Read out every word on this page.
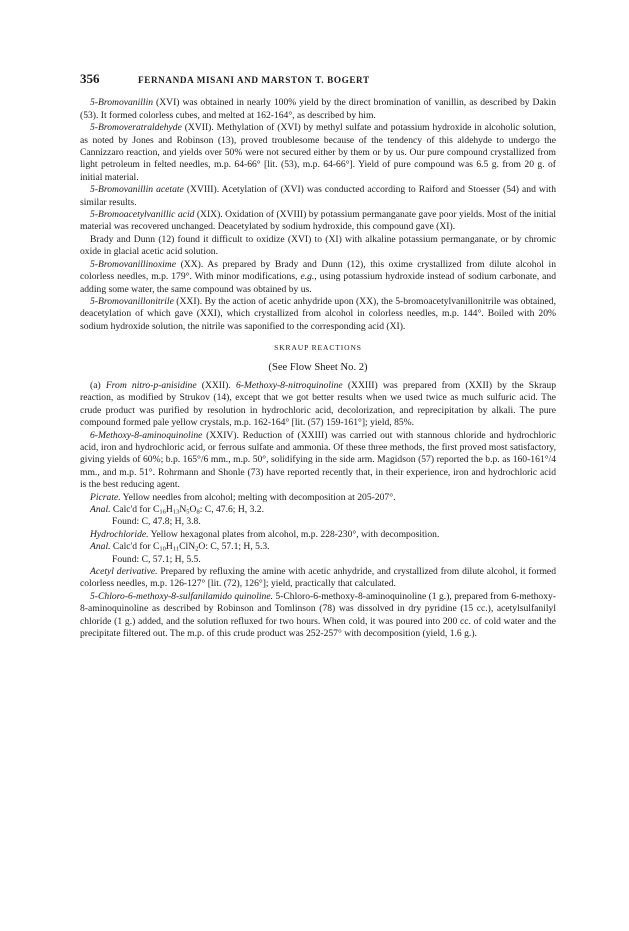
356	FERNANDA MISANI AND MARSTON T. BOGERT

5-Bromovanillin (XVI) was obtained in nearly 100% yield by the direct bromination of vanillin, as described by Dakin (53). It formed colorless cubes, and melted at 162-164°, as described by him.

5-Bromoveratraldehyde (XVII). Methylation of (XVI) by methyl sulfate and potassium hydroxide in alcoholic solution, as noted by Jones and Robinson (13), proved troublesome because of the tendency of this aldehyde to undergo the Cannizzaro reaction, and yields over 50% were not secured either by them or by us. Our pure compound crystallized from light petroleum in felted needles, m.p. 64-66° [lit. (53), m.p. 64-66°]. Yield of pure compound was 6.5 g. from 20 g. of initial material.

5-Bromovanillin acetate (XVIII). Acetylation of (XVI) was conducted according to Raiford and Stoesser (54) and with similar results.

5-Bromoacetylvanillic acid (XIX). Oxidation of (XVIII) by potassium permanganate gave poor yields. Most of the initial material was recovered unchanged. Deacetylated by sodium hydroxide, this compound gave (XI).

Brady and Dunn (12) found it difficult to oxidize (XVI) to (XI) with alkaline potassium permanganate, or by chromic oxide in glacial acetic acid solution.

5-Bromovanillinoxime (XX). As prepared by Brady and Dunn (12), this oxime crystallized from dilute alcohol in colorless needles, m.p. 179°. With minor modifications, e.g., using potassium hydroxide instead of sodium carbonate, and adding some water, the same compound was obtained by us.

5-Bromovanillonitrile (XXI). By the action of acetic anhydride upon (XX), the 5-bromoacetylvanillonitrile was obtained, deacetylation of which gave (XXI), which crystallized from alcohol in colorless needles, m.p. 144°. Boiled with 20% sodium hydroxide solution, the nitrile was saponified to the corresponding acid (XI).

SKRAUP REACTIONS

(See Flow Sheet No. 2)

(a) From nitro-p-anisidine (XXII). 6-Methoxy-8-nitroquinoline (XXIII) was prepared from (XXII) by the Skraup reaction, as modified by Strukov (14), except that we got better results when we used twice as much sulfuric acid. The crude product was purified by resolution in hydrochloric acid, decolorization, and reprecipitation by alkali. The pure compound formed pale yellow crystals, m.p. 162-164° [lit. (57) 159-161°]; yield, 85%.

6-Methoxy-8-aminoquinoline (XXIV). Reduction of (XXIII) was carried out with stannous chloride and hydrochloric acid, iron and hydrochloric acid, or ferrous sulfate and ammonia. Of these three methods, the first proved most satisfactory, giving yields of 60%; b.p. 165°/6 mm., m.p. 50°, solidifying in the side arm. Magidson (57) reported the b.p. as 160-161°/4 mm., and m.p. 51°. Rohrmann and Shonle (73) have reported recently that, in their experience, iron and hydrochloric acid is the best reducing agent.

Picrate. Yellow needles from alcohol; melting with decomposition at 205-207°.

Anal. Calc'd for $C_{16}H_{13}N_5O_8$: C, 47.6; H, 3.2.

Found: C, 47.8; H, 3.8.

Hydrochloride. Yellow hexagonal plates from alcohol, m.p. 228-230°, with decomposition.

Anal. Calc'd for $C_{10}H_{11}ClN_2O$: C, 57.1; H, 5.3.

Found: C, 57.1; H, 5.5.

Acetyl derivative. Prepared by refluxing the amine with acetic anhydride, and crystallized from dilute alcohol, it formed colorless needles, m.p. 126-127° [lit. (72), 126°]; yield, practically that calculated.

5-Chloro-6-methoxy-8-sulfanilamido quinoline. 5-Chloro-6-methoxy-8-aminoquinoline (1 g.), prepared from 6-methoxy-8-aminoquinoline as described by Robinson and Tomlinson (78) was dissolved in dry pyridine (15 cc.), acetylsulfanilyl chloride (1 g.) added, and the solution refluxed for two hours. When cold, it was poured into 200 cc. of cold water and the precipitate filtered out. The m.p. of this crude product was 252-257° with decomposition (yield, 1.6 g.).
